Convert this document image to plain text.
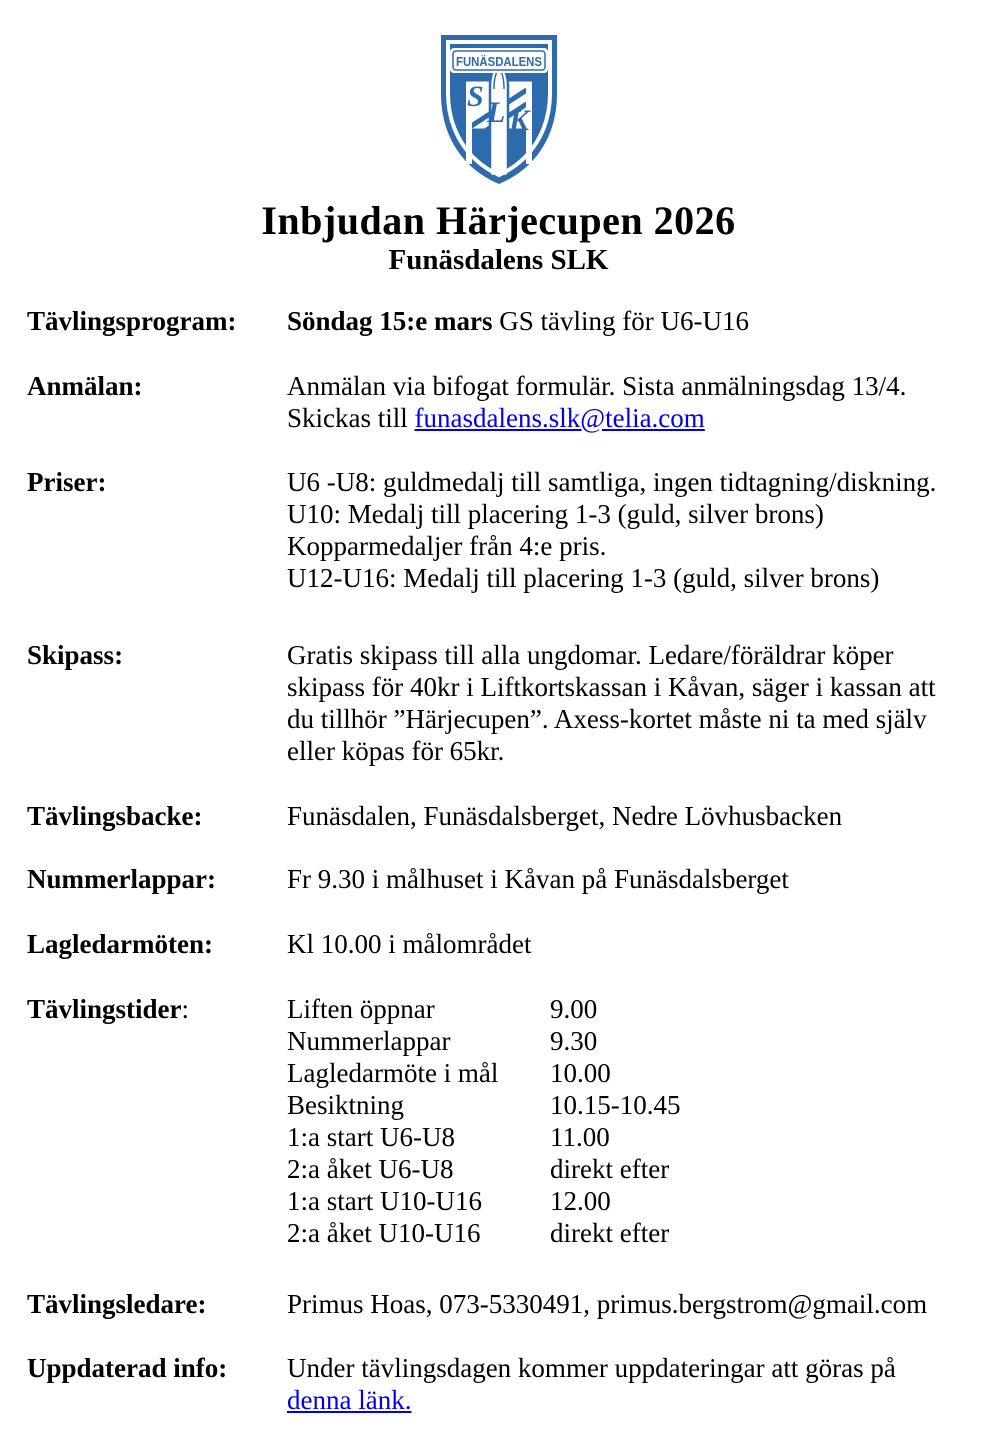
FUNÄSDALENS
S L K
Inbjudan Härjecupen 2026
Funäsdalens SLK
Tävlingsprogram:	Söndag 15:e mars GS tävling för U6-U16
Anmälan:	Anmälan via bifogat formulär. Sista anmälningsdag 13/4.
Skickas till funasdalens.slk@telia.com
Priser:	U6 -U8: guldmedalj till samtliga, ingen tidtagning/diskning.
U10: Medalj till placering 1-3 (guld, silver brons)
Kopparmedaljer från 4:e pris.
U12-U16: Medalj till placering 1-3 (guld, silver brons)
Skipass:	Gratis skipass till alla ungdomar. Ledare/föräldrar köper
skipass för 40kr i Liftkortskassan i Kåvan, säger i kassan att
du tillhör ”Härjecupen”. Axess-kortet måste ni ta med själv
eller köpas för 65kr.
Tävlingsbacke:	Funäsdalen, Funäsdalsberget, Nedre Lövhusbacken
Nummerlappar:	Fr 9.30 i målhuset i Kåvan på Funäsdalsberget
Lagledarmöten:	Kl 10.00 i målområdet
Tävlingstider:	Liften öppnar	9.00
Nummerlappar	9.30
Lagledarmöte i mål	10.00
Besiktning	10.15-10.45
1:a start U6-U8	11.00
2:a åket U6-U8	direkt efter
1:a start U10-U16	12.00
2:a åket U10-U16	direkt efter
Tävlingsledare:	Primus Hoas, 073-5330491, primus.bergstrom@gmail.com
Uppdaterad info:	Under tävlingsdagen kommer uppdateringar att göras på
denna länk.
